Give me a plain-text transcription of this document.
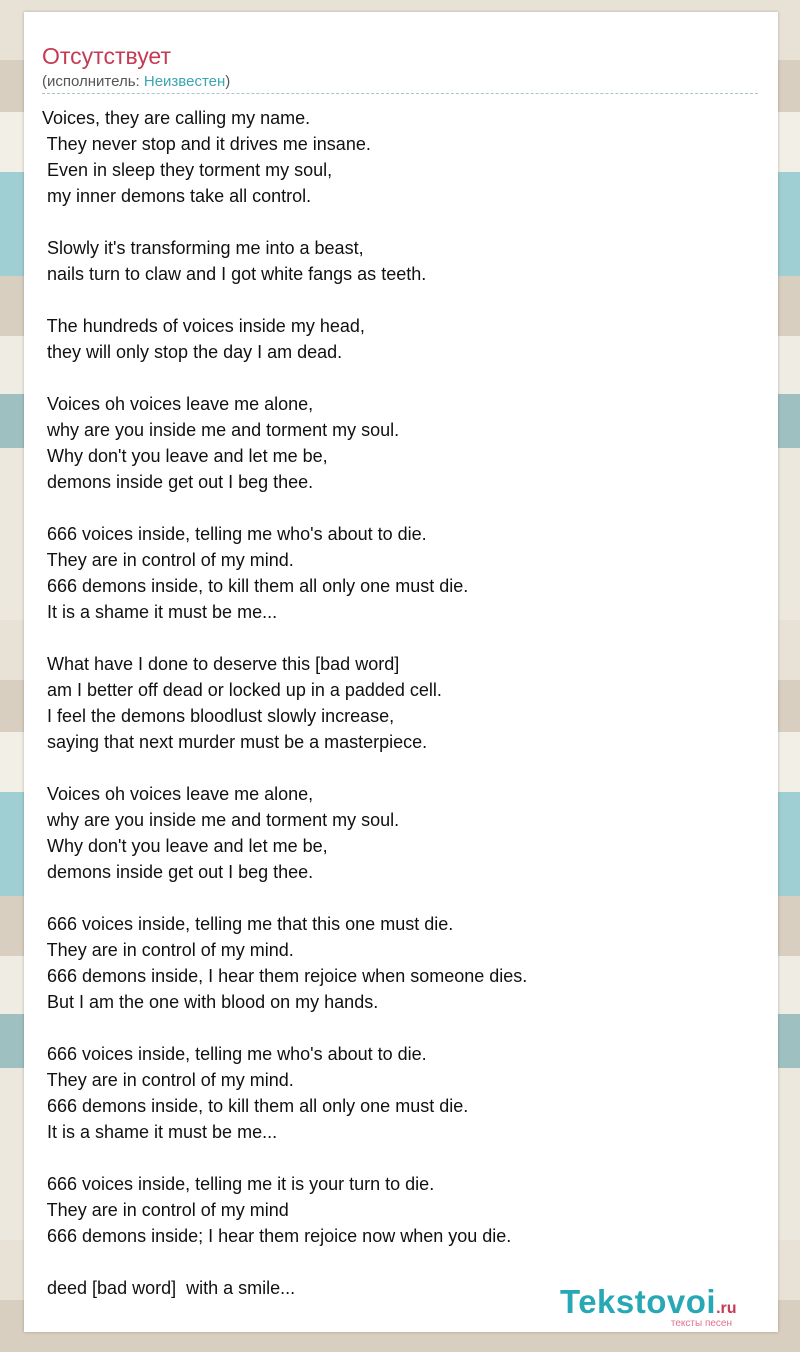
Отсутствует
(исполнитель: Неизвестен)
Voices, they are calling my name.
They never stop and it drives me insane.
Even in sleep they torment my soul,
my inner demons take all control.

Slowly it's transforming me into a beast,
nails turn to claw and I got white fangs as teeth.

The hundreds of voices inside my head,
they will only stop the day I am dead.

Voices oh voices leave me alone,
why are you inside me and torment my soul.
Why don't you leave and let me be,
demons inside get out I beg thee.

666 voices inside, telling me who's about to die.
They are in control of my mind.
666 demons inside, to kill them all only one must die.
It is a shame it must be me...

What have I done to deserve this [bad word]
am I better off dead or locked up in a padded cell.
I feel the demons bloodlust slowly increase,
saying that next murder must be a masterpiece.

Voices oh voices leave me alone,
why are you inside me and torment my soul.
Why don't you leave and let me be,
demons inside get out I beg thee.

666 voices inside, telling me that this one must die.
They are in control of my mind.
666 demons inside, I hear them rejoice when someone dies.
But I am the one with blood on my hands.

666 voices inside, telling me who's about to die.
They are in control of my mind.
666 demons inside, to kill them all only one must die.
It is a shame it must be me...

666 voices inside, telling me it is your turn to die.
They are in control of my mind
666 demons inside; I hear them rejoice now when you die.

deed [bad word]  with a smile...	Tekstovoi.ru
тексты песен
